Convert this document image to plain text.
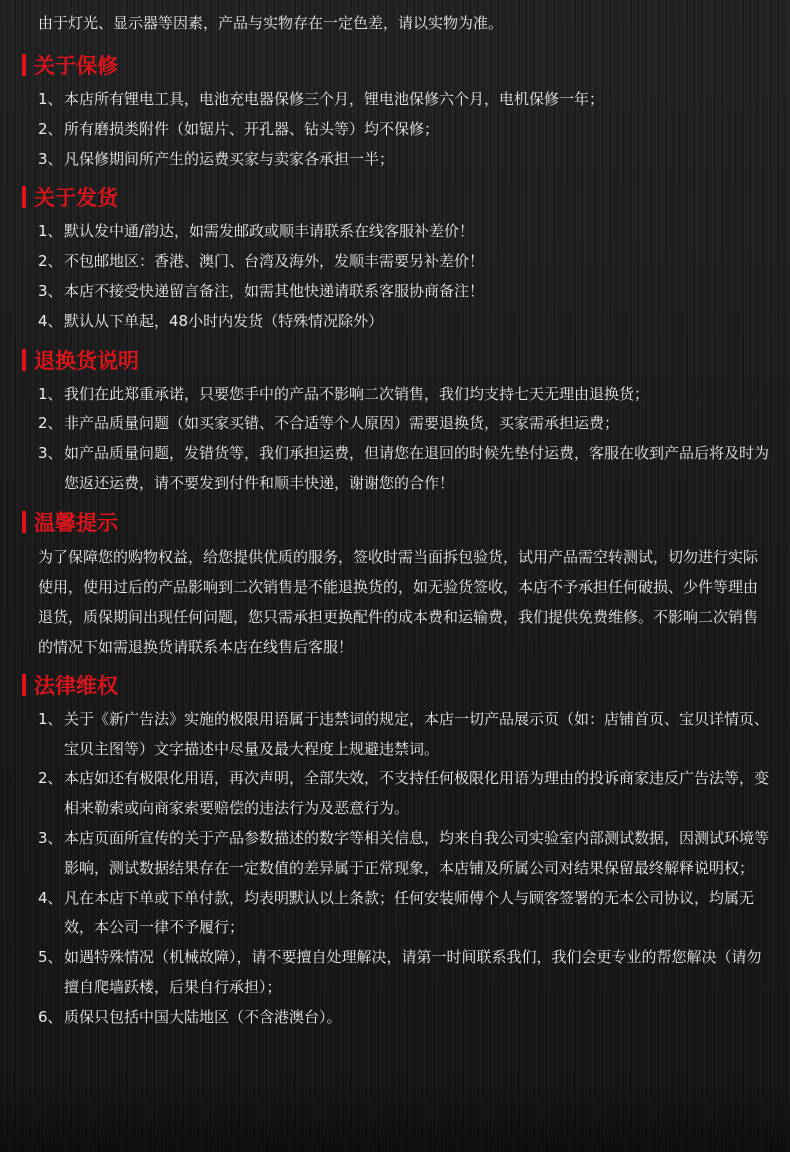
由于灯光、显示器等因素，产品与实物存在一定色差，请以实物为准。
关于保修
1、 本店所有锂电工具，电池充电器保修三个月，锂电池保修六个月，电机保修一年；
2、 所有磨损类附件（如锯片、开孔器、钻头等）均不保修；
3、 凡保修期间所产生的运费买家与卖家各承担一半；
关于发货
1、 默认发中通/韵达，如需发邮政或顺丰请联系在线客服补差价！
2、 不包邮地区：香港、澳门、台湾及海外，发顺丰需要另补差价！
3、 本店不接受快递留言备注，如需其他快递请联系客服协商备注！
4、 默认从下单起，48小时内发货（特殊情况除外）
退换货说明
1、 我们在此郑重承诺，只要您手中的产品不影响二次销售，我们均支持七天无理由退换货；
2、 非产品质量问题（如买家买错、不合适等个人原因）需要退换货，买家需承担运费；
3、 如产品质量问题，发错货等，我们承担运费，但请您在退回的时候先垫付运费，客服在收到产品后将及时为您返还运费，请不要发到付件和顺丰快递，谢谢您的合作！
温馨提示
为了保障您的购物权益，给您提供优质的服务，签收时需当面拆包验货，试用产品需空转测试，切勿进行实际使用，使用过后的产品影响到二次销售是不能退换货的，如无验货签收，本店不予承担任何破损、少件等理由退货，质保期间出现任何问题，您只需承担更换配件的成本费和运输费，我们提供免费维修。不影响二次销售的情况下如需退换货请联系本店在线售后客服！
法律维权
1、 关于《新广告法》实施的极限用语属于违禁词的规定，本店一切产品展示页（如：店铺首页、宝贝详情页、宝贝主图等）文字描述中尽量及最大程度上规避违禁词。
2、 本店如还有极限化用语，再次声明，全部失效，不支持任何极限化用语为理由的投诉商家违反广告法等，变相来勒索或向商家索要赔偿的违法行为及恶意行为。
3、 本店页面所宣传的关于产品参数描述的数字等相关信息，均来自我公司实验室内部测试数据，因测试环境等影响，测试数据结果存在一定数值的差异属于正常现象，本店铺及所属公司对结果保留最终解释说明权；
4、 凡在本店下单或下单付款，均表明默认以上条款；任何安装师傅个人与顾客签署的无本公司协议，均属无效，本公司一律不予履行；
5、 如遇特殊情况（机械故障），请不要擅自处理解决，请第一时间联系我们，我们会更专业的帮您解决（请勿擅自爬墙跃楼，后果自行承担）；
6、 质保只包括中国大陆地区（不含港澳台）。
